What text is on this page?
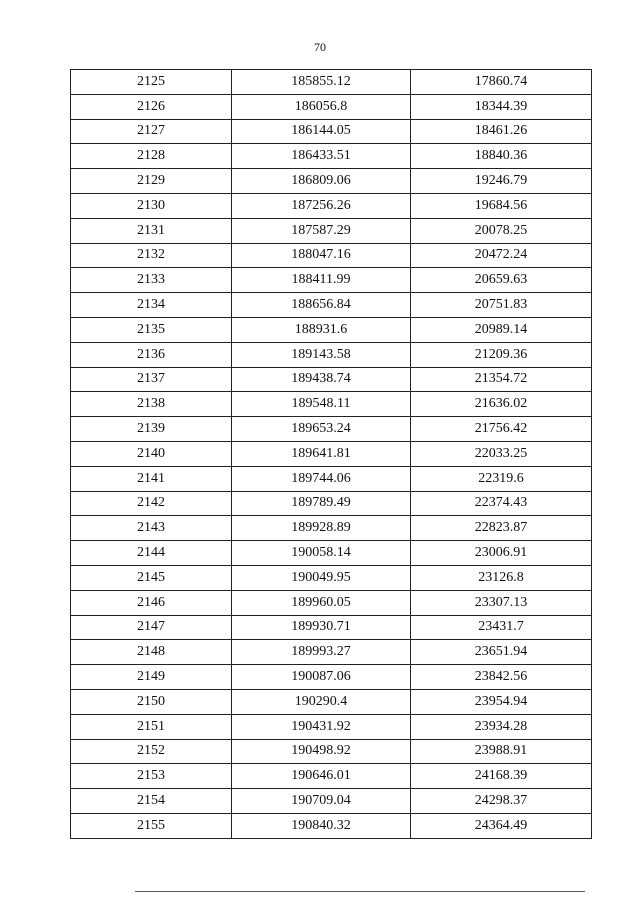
70
2125	185855.12	17860.74
2126	186056.8	18344.39
2127	186144.05	18461.26
2128	186433.51	18840.36
2129	186809.06	19246.79
2130	187256.26	19684.56
2131	187587.29	20078.25
2132	188047.16	20472.24
2133	188411.99	20659.63
2134	188656.84	20751.83
2135	188931.6	20989.14
2136	189143.58	21209.36
2137	189438.74	21354.72
2138	189548.11	21636.02
2139	189653.24	21756.42
2140	189641.81	22033.25
2141	189744.06	22319.6
2142	189789.49	22374.43
2143	189928.89	22823.87
2144	190058.14	23006.91
2145	190049.95	23126.8
2146	189960.05	23307.13
2147	189930.71	23431.7
2148	189993.27	23651.94
2149	190087.06	23842.56
2150	190290.4	23954.94
2151	190431.92	23934.28
2152	190498.92	23988.91
2153	190646.01	24168.39
2154	190709.04	24298.37
2155	190840.32	24364.49
